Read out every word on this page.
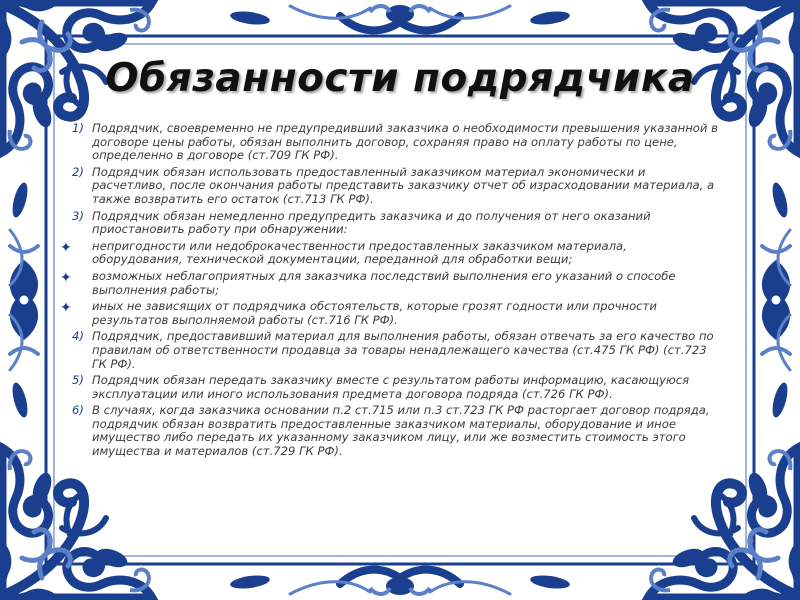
Обязанности подрядчика
1) Подрядчик, своевременно не предупредивший заказчика о необходимости превышения указанной в договоре цены работы, обязан выполнить договор, сохраняя право на оплату работы по цене, определенно в договоре (ст.709 ГК РФ).
2) Подрядчик обязан использовать предоставленный заказчиком материал экономически и расчетливо, после окончания работы представить заказчику отчет об израсходовании материала, а также возвратить его остаток (ст.713 ГК РФ).
3) Подрядчик обязан немедленно предупредить заказчика и до получения от него оказаний приостановить работу при обнаружении:
✦ непригодности или недоброкачественности предоставленных заказчиком материала, оборудования, технической документации, переданной для обработки вещи;
✦ возможных неблагоприятных для заказчика последствий выполнения его указаний о способе выполнения работы;
✦ иных не зависящих от подрядчика обстоятельств, которые грозят годности или прочности результатов выполняемой работы (ст.716 ГК РФ).
4) Подрядчик, предоставивший материал для выполнения работы, обязан отвечать за его качество по правилам об ответственности продавца за товары ненадлежащего качества (ст.475 ГК РФ) (ст.723 ГК РФ).
5) Подрядчик обязан передать заказчику вместе с результатом работы информацию, касающуюся эксплуатации или иного использования предмета договора подряда (ст.726 ГК РФ).
6) В случаях, когда заказчика основании п.2 ст.715 или п.3 ст.723 ГК РФ расторгает договор подряда, подрядчик обязан возвратить предоставленные заказчиком материалы, оборудование и иное имущество либо передать их указанному заказчиком лицу, или же возместить стоимость этого имущества и материалов (ст.729 ГК РФ).
